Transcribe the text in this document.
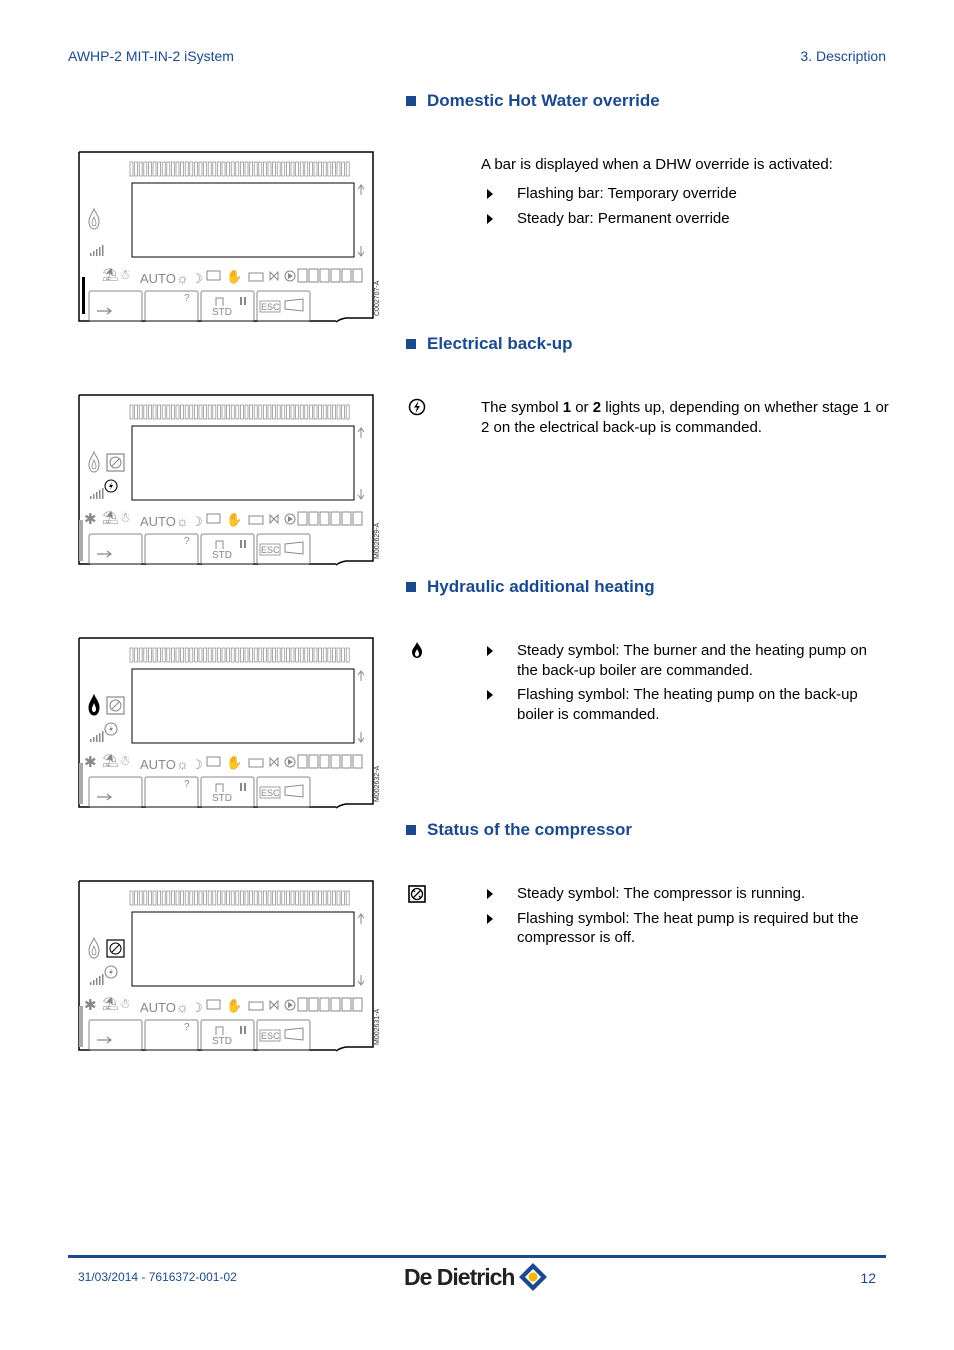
AWHP-2 MIT-IN-2 iSystem	3. Description
Domestic Hot Water override
⛱ ☃ AUTO ☼ ☽ ✋
?
STD	ESC	C002707-A
A bar is displayed when a DHW override is activated:
Flashing bar: Temporary override
Steady bar: Permanent override
Electrical back-up
✱ ⛱ ☃ AUTO ☼ ☽ ✋
?
STD	ESC	M002629-A
The symbol 1 or 2 lights up, depending on whether stage 1 or 2 on the electrical back-up is commanded.
Hydraulic additional heating
✱ ⛱ ☃ AUTO ☼ ☽ ✋
?
STD	ESC	M002632-A
Steady symbol: The burner and the heating pump on the back-up boiler are commanded.
Flashing symbol: The heating pump on the back-up boiler is commanded.
Status of the compressor
✱ ⛱ ☃ AUTO ☼ ☽ ✋
?
STD	ESC	M002631-A
Steady symbol: The compressor is running.
Flashing symbol: The heat pump is required but the compressor is off.
31/03/2014 - 7616372-001-02	De Dietrich	12
